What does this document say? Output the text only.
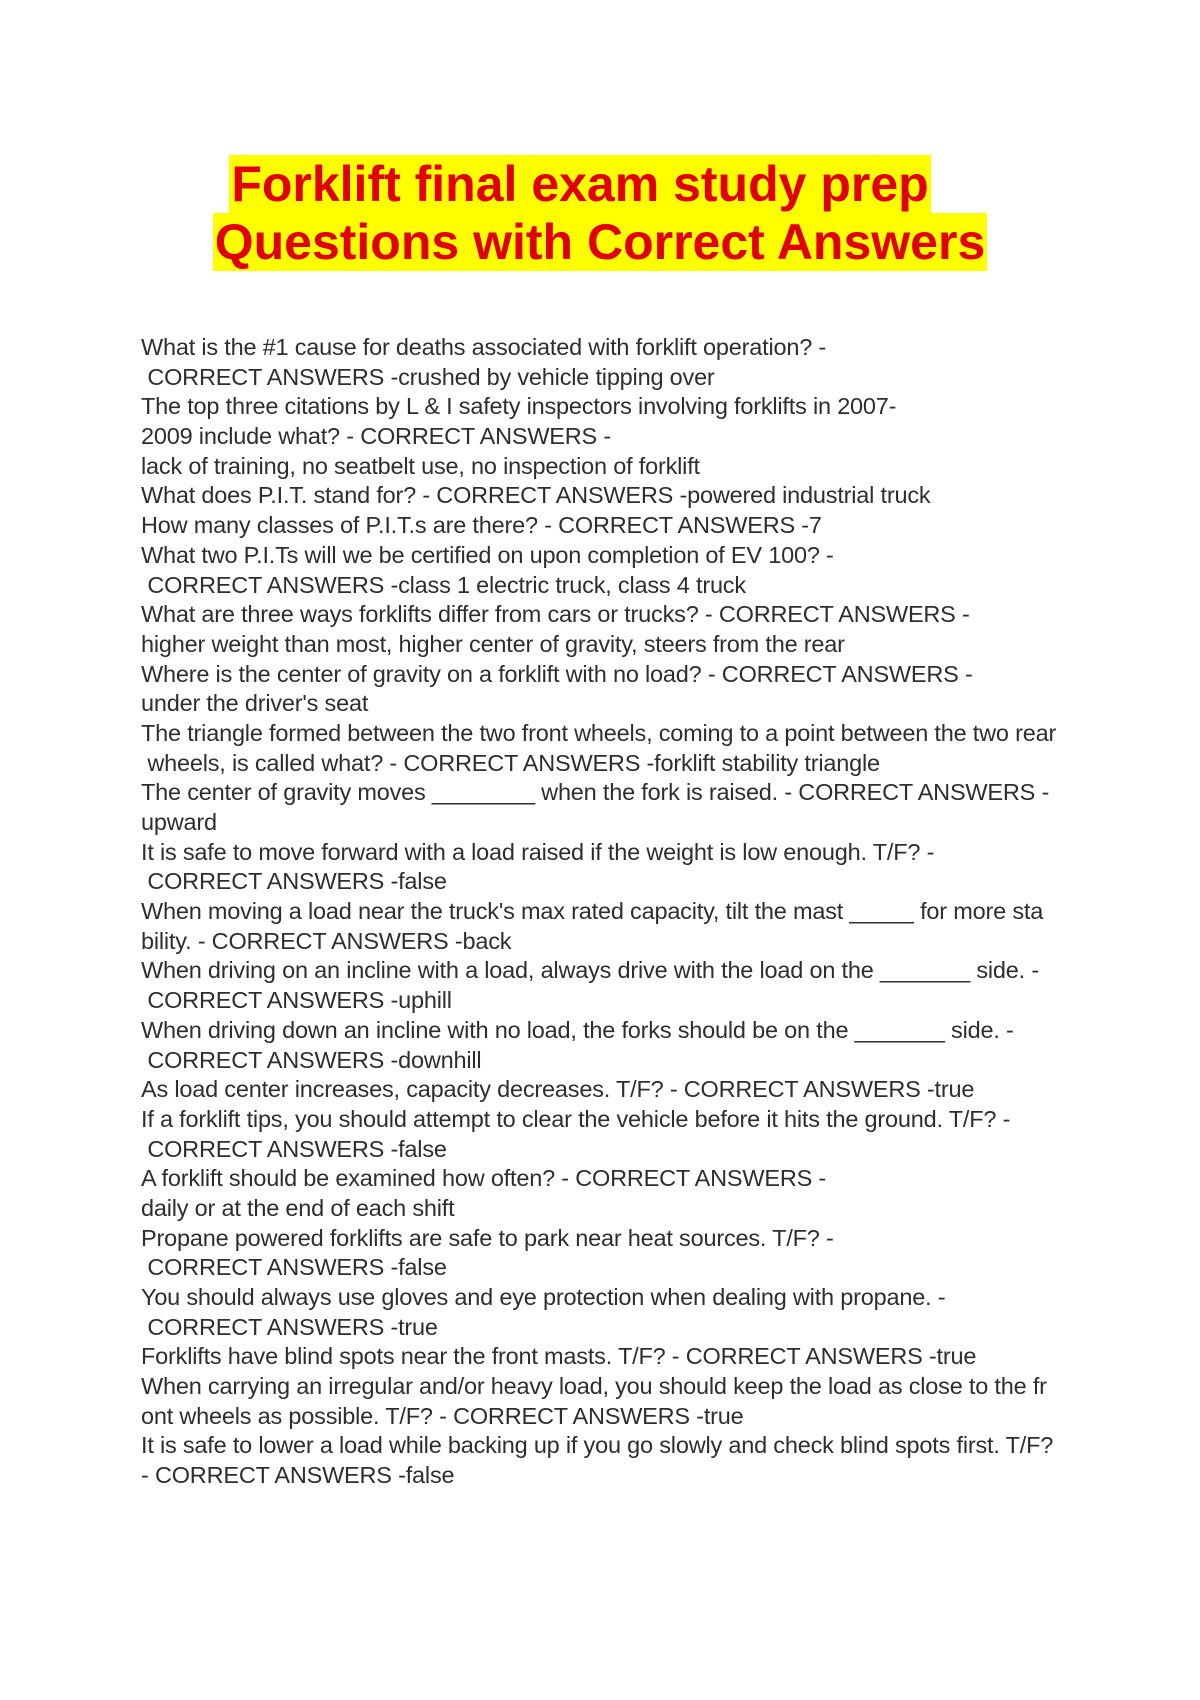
Forklift final exam study prep
Questions with Correct Answers
What is the #1 cause for deaths associated with forklift operation? -
CORRECT ANSWERS -crushed by vehicle tipping over
The top three citations by L & I safety inspectors involving forklifts in 2007-
2009 include what? - CORRECT ANSWERS -
lack of training, no seatbelt use, no inspection of forklift
What does P.I.T. stand for? - CORRECT ANSWERS -powered industrial truck
How many classes of P.I.T.s are there? - CORRECT ANSWERS -7
What two P.I.Ts will we be certified on upon completion of EV 100? -
CORRECT ANSWERS -class 1 electric truck, class 4 truck
What are three ways forklifts differ from cars or trucks? - CORRECT ANSWERS -
higher weight than most, higher center of gravity, steers from the rear
Where is the center of gravity on a forklift with no load? - CORRECT ANSWERS -
under the driver's seat
The triangle formed between the two front wheels, coming to a point between the two rear
wheels, is called what? - CORRECT ANSWERS -forklift stability triangle
The center of gravity moves ________ when the fork is raised. - CORRECT ANSWERS -
upward
It is safe to move forward with a load raised if the weight is low enough. T/F? -
CORRECT ANSWERS -false
When moving a load near the truck's max rated capacity, tilt the mast _____ for more sta
bility. - CORRECT ANSWERS -back
When driving on an incline with a load, always drive with the load on the _______ side. -
CORRECT ANSWERS -uphill
When driving down an incline with no load, the forks should be on the _______ side. -
CORRECT ANSWERS -downhill
As load center increases, capacity decreases. T/F? - CORRECT ANSWERS -true
If a forklift tips, you should attempt to clear the vehicle before it hits the ground. T/F? -
CORRECT ANSWERS -false
A forklift should be examined how often? - CORRECT ANSWERS -
daily or at the end of each shift
Propane powered forklifts are safe to park near heat sources. T/F? -
CORRECT ANSWERS -false
You should always use gloves and eye protection when dealing with propane. -
CORRECT ANSWERS -true
Forklifts have blind spots near the front masts. T/F? - CORRECT ANSWERS -true
When carrying an irregular and/or heavy load, you should keep the load as close to the fr
ont wheels as possible. T/F? - CORRECT ANSWERS -true
It is safe to lower a load while backing up if you go slowly and check blind spots first. T/F?
- CORRECT ANSWERS -false
